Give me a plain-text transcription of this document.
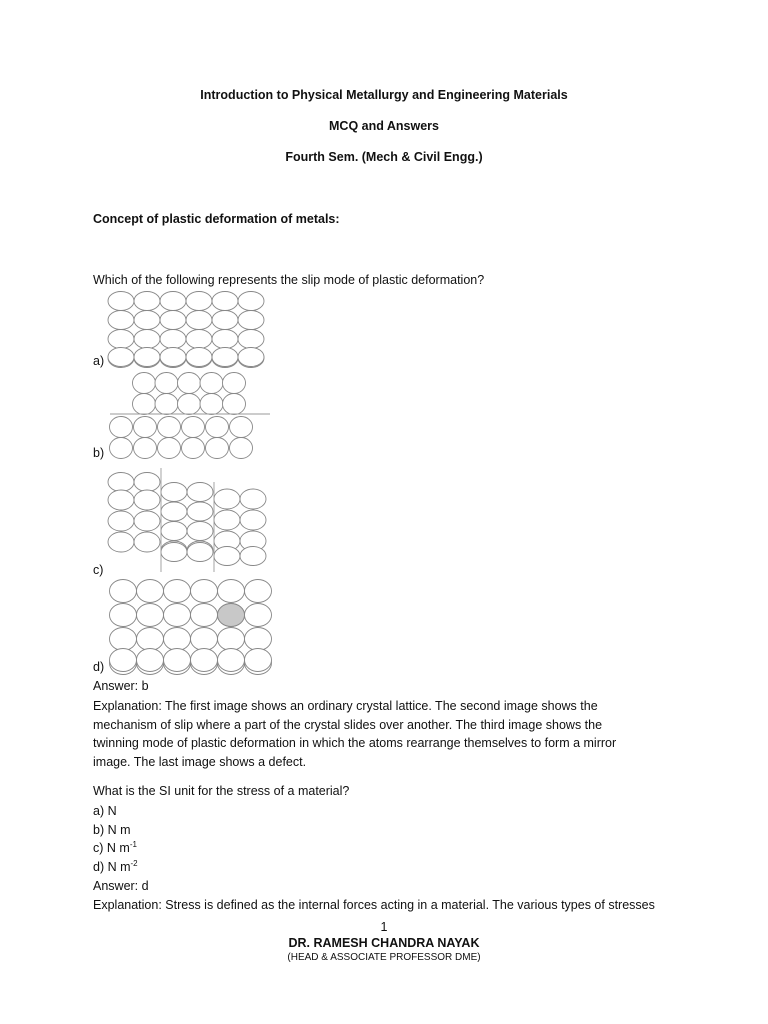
Introduction to Physical Metallurgy and Engineering Materials
MCQ and Answers
Fourth Sem. (Mech & Civil Engg.)
Concept of plastic deformation of metals:
Which of the following represents the slip mode of plastic deformation?
a)
b)
c)
d)
Answer: b
Explanation: The first image shows an ordinary crystal lattice. The second image shows the
mechanism of slip where a part of the crystal slides over another. The third image shows the
twinning mode of plastic deformation in which the atoms rearrange themselves to form a mirror
image. The last image shows a defect.
What is the SI unit for the stress of a material?
a) N
b) N m
c) N $m^{-1}$
d) N $m^{-2}$
Answer: d
Explanation: Stress is defined as the internal forces acting in a material. The various types of stresses
1
DR. RAMESH CHANDRA NAYAK
(HEAD & ASSOCIATE PROFESSOR DME)
